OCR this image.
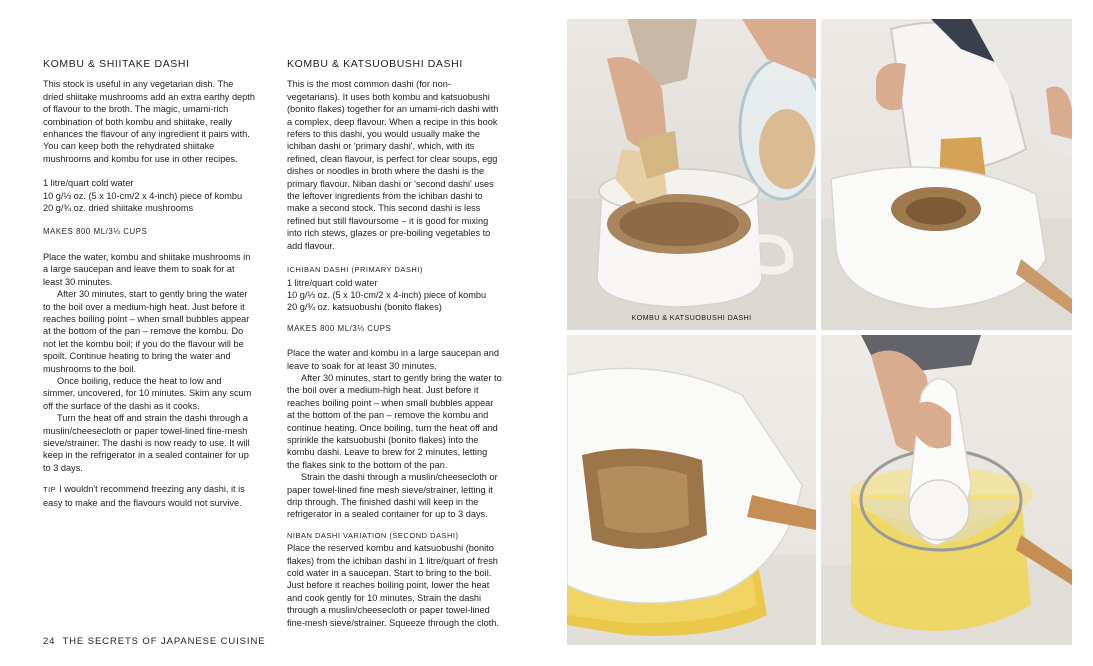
KOMBU & SHIITAKE DASHI

This stock is useful in any vegetarian dish. The dried shiitake mushrooms add an extra earthy depth of flavour to the broth. The magic, umami-rich combination of both kombu and shiitake, really enhances the flavour of any ingredient it pairs with. You can keep both the rehydrated shiitake mushrooms and kombu for use in other recipes.

1 litre/quart cold water

10 g/⅓ oz. (5 x 10-cm/2 x 4-inch) piece of kombu

20 g/¾ oz. dried shiitake mushrooms

MAKES 800 ML/3⅓ CUPS

Place the water, kombu and shiitake mushrooms in a large saucepan and leave them to soak for at least 30 minutes.

After 30 minutes, start to gently bring the water to the boil over a medium-high heat. Just before it reaches boiling point – when small bubbles appear at the bottom of the pan – remove the kombu. Do not let the kombu boil; if you do the flavour will be spoilt. Continue heating to bring the water and mushrooms to the boil.

Once boiling, reduce the heat to low and simmer, uncovered, for 10 minutes. Skim any scum off the surface of the dashi as it cooks.

Turn the heat off and strain the dashi through a muslin/cheesecloth or paper towel-lined fine-mesh sieve/strainer. The dashi is now ready to use. It will keep in the refrigerator in a sealed container for up to 3 days.

TIP I wouldn't recommend freezing any dashi, it is easy to make and the flavours would not survive.

KOMBU & KATSUOBUSHI DASHI

This is the most common dashi (for non-vegetarians). It uses both kombu and katsuobushi (bonito flakes) together for an umami-rich dashi with a complex, deep flavour. When a recipe in this book refers to this dashi, you would usually make the ichiban dashi or 'primary dashi', which, with its refined, clean flavour, is perfect for clear soups, egg dishes or noodles in broth where the dashi is the primary flavour. Niban dashi or 'second dashi' uses the leftover ingredients from the ichiban dashi to make a second stock. This second dashi is less refined but still flavoursome – it is good for mixing into rich stews, glazes or pre-boiling vegetables to add flavour.

ICHIBAN DASHI (PRIMARY DASHI)

1 litre/quart cold water

10 g/⅓ oz. (5 x 10-cm/2 x 4-inch) piece of kombu

20 g/¾ oz. katsuobushi (bonito flakes)

MAKES 800 ML/3⅓ CUPS

Place the water and kombu in a large saucepan and leave to soak for at least 30 minutes.

After 30 minutes, start to gently bring the water to the boil over a medium-high heat. Just before it reaches boiling point – when small bubbles appear at the bottom of the pan – remove the kombu and continue heating. Once boiling, turn the heat off and sprinkle the katsuobushi (bonito flakes) into the kombu dashi. Leave to brew for 2 minutes, letting the flakes sink to the bottom of the pan.

Strain the dashi through a muslin/cheesecloth or paper towel-lined fine mesh sieve/strainer, letting it drip through. The finished dashi will keep in the refrigerator in a sealed container for up to 3 days.

NIBAN DASHI VARIATION (SECOND DASHI)

Place the reserved kombu and katsuobushi (bonito flakes) from the ichiban dashi in 1 litre/quart of fresh cold water in a saucepan. Start to bring to the boil. Just before it reaches boiling point, lower the heat and cook gently for 10 minutes. Strain the dashi through a muslin/cheesecloth or paper towel-lined fine-mesh sieve/strainer. Squeeze through the cloth.

24 THE SECRETS OF JAPANESE CUISINE
KOMBU & KATSUOBUSHI DASHI
